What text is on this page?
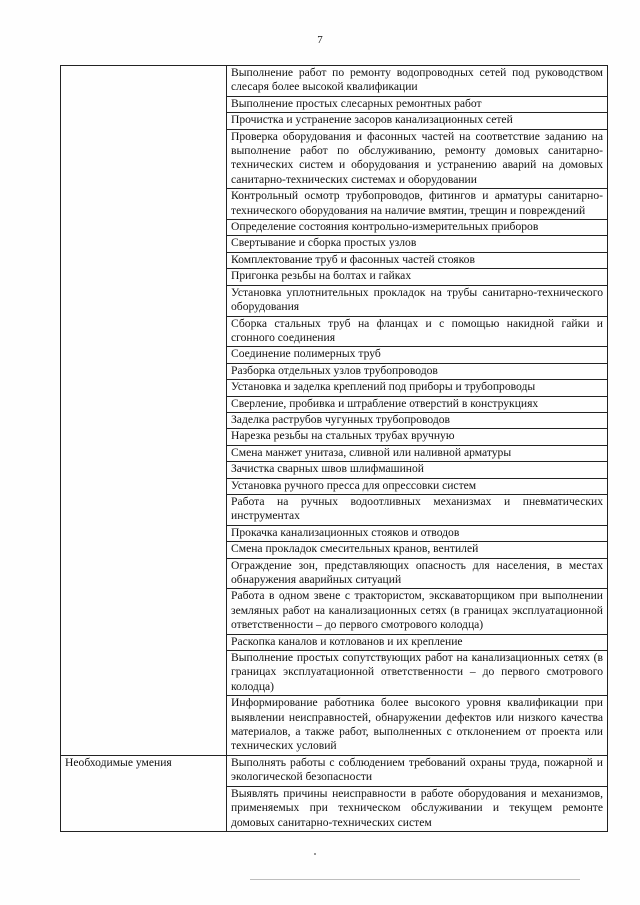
7
	Выполнение работ по ремонту водопроводных сетей под руководством слесаря более высокой квалификации
	Выполнение простых слесарных ремонтных работ
	Прочистка и устранение засоров канализационных сетей
	Проверка оборудования и фасонных частей на соответствие заданию на выполнение работ по обслуживанию, ремонту домовых санитарно-технических систем и оборудования и устранению аварий на домовых санитарно-технических системах и оборудовании
	Контрольный осмотр трубопроводов, фитингов и арматуры санитарно-технического оборудования на наличие вмятин, трещин и повреждений
	Определение состояния контрольно-измерительных приборов
	Свертывание и сборка простых узлов
	Комплектование труб и фасонных частей стояков
	Пригонка резьбы на болтах и гайках
	Установка уплотнительных прокладок на трубы санитарно-технического оборудования
	Сборка стальных труб на фланцах и с помощью накидной гайки и сгонного соединения
	Соединение полимерных труб
	Разборка отдельных узлов трубопроводов
	Установка и заделка креплений под приборы и трубопроводы
	Сверление, пробивка и штрабление отверстий в конструкциях
	Заделка раструбов чугунных трубопроводов
	Нарезка резьбы на стальных трубах вручную
	Смена манжет унитаза, сливной или наливной арматуры
	Зачистка сварных швов шлифмашиной
	Установка ручного пресса для опрессовки систем
	Работа на ручных водоотливных механизмах и пневматических инструментах
	Прокачка канализационных стояков и отводов
	Смена прокладок смесительных кранов, вентилей
	Ограждение зон, представляющих опасность для населения, в местах обнаружения аварийных ситуаций
	Работа в одном звене с трактористом, экскаваторщиком при выполнении земляных работ на канализационных сетях (в границах эксплуатационной ответственности – до первого смотрового колодца)
	Раскопка каналов и котлованов и их крепление
	Выполнение простых сопутствующих работ на канализационных сетях (в границах эксплуатационной ответственности – до первого смотрового колодца)
	Информирование работника более высокого уровня квалификации при выявлении неисправностей, обнаружении дефектов или низкого качества материалов, а также работ, выполненных с отклонением от проекта или технических условий
Необходимые умения	Выполнять работы с соблюдением требований охраны труда, пожарной и экологической безопасности
	Выявлять причины неисправности в работе оборудования и механизмов, применяемых при техническом обслуживании и текущем ремонте домовых санитарно-технических систем
